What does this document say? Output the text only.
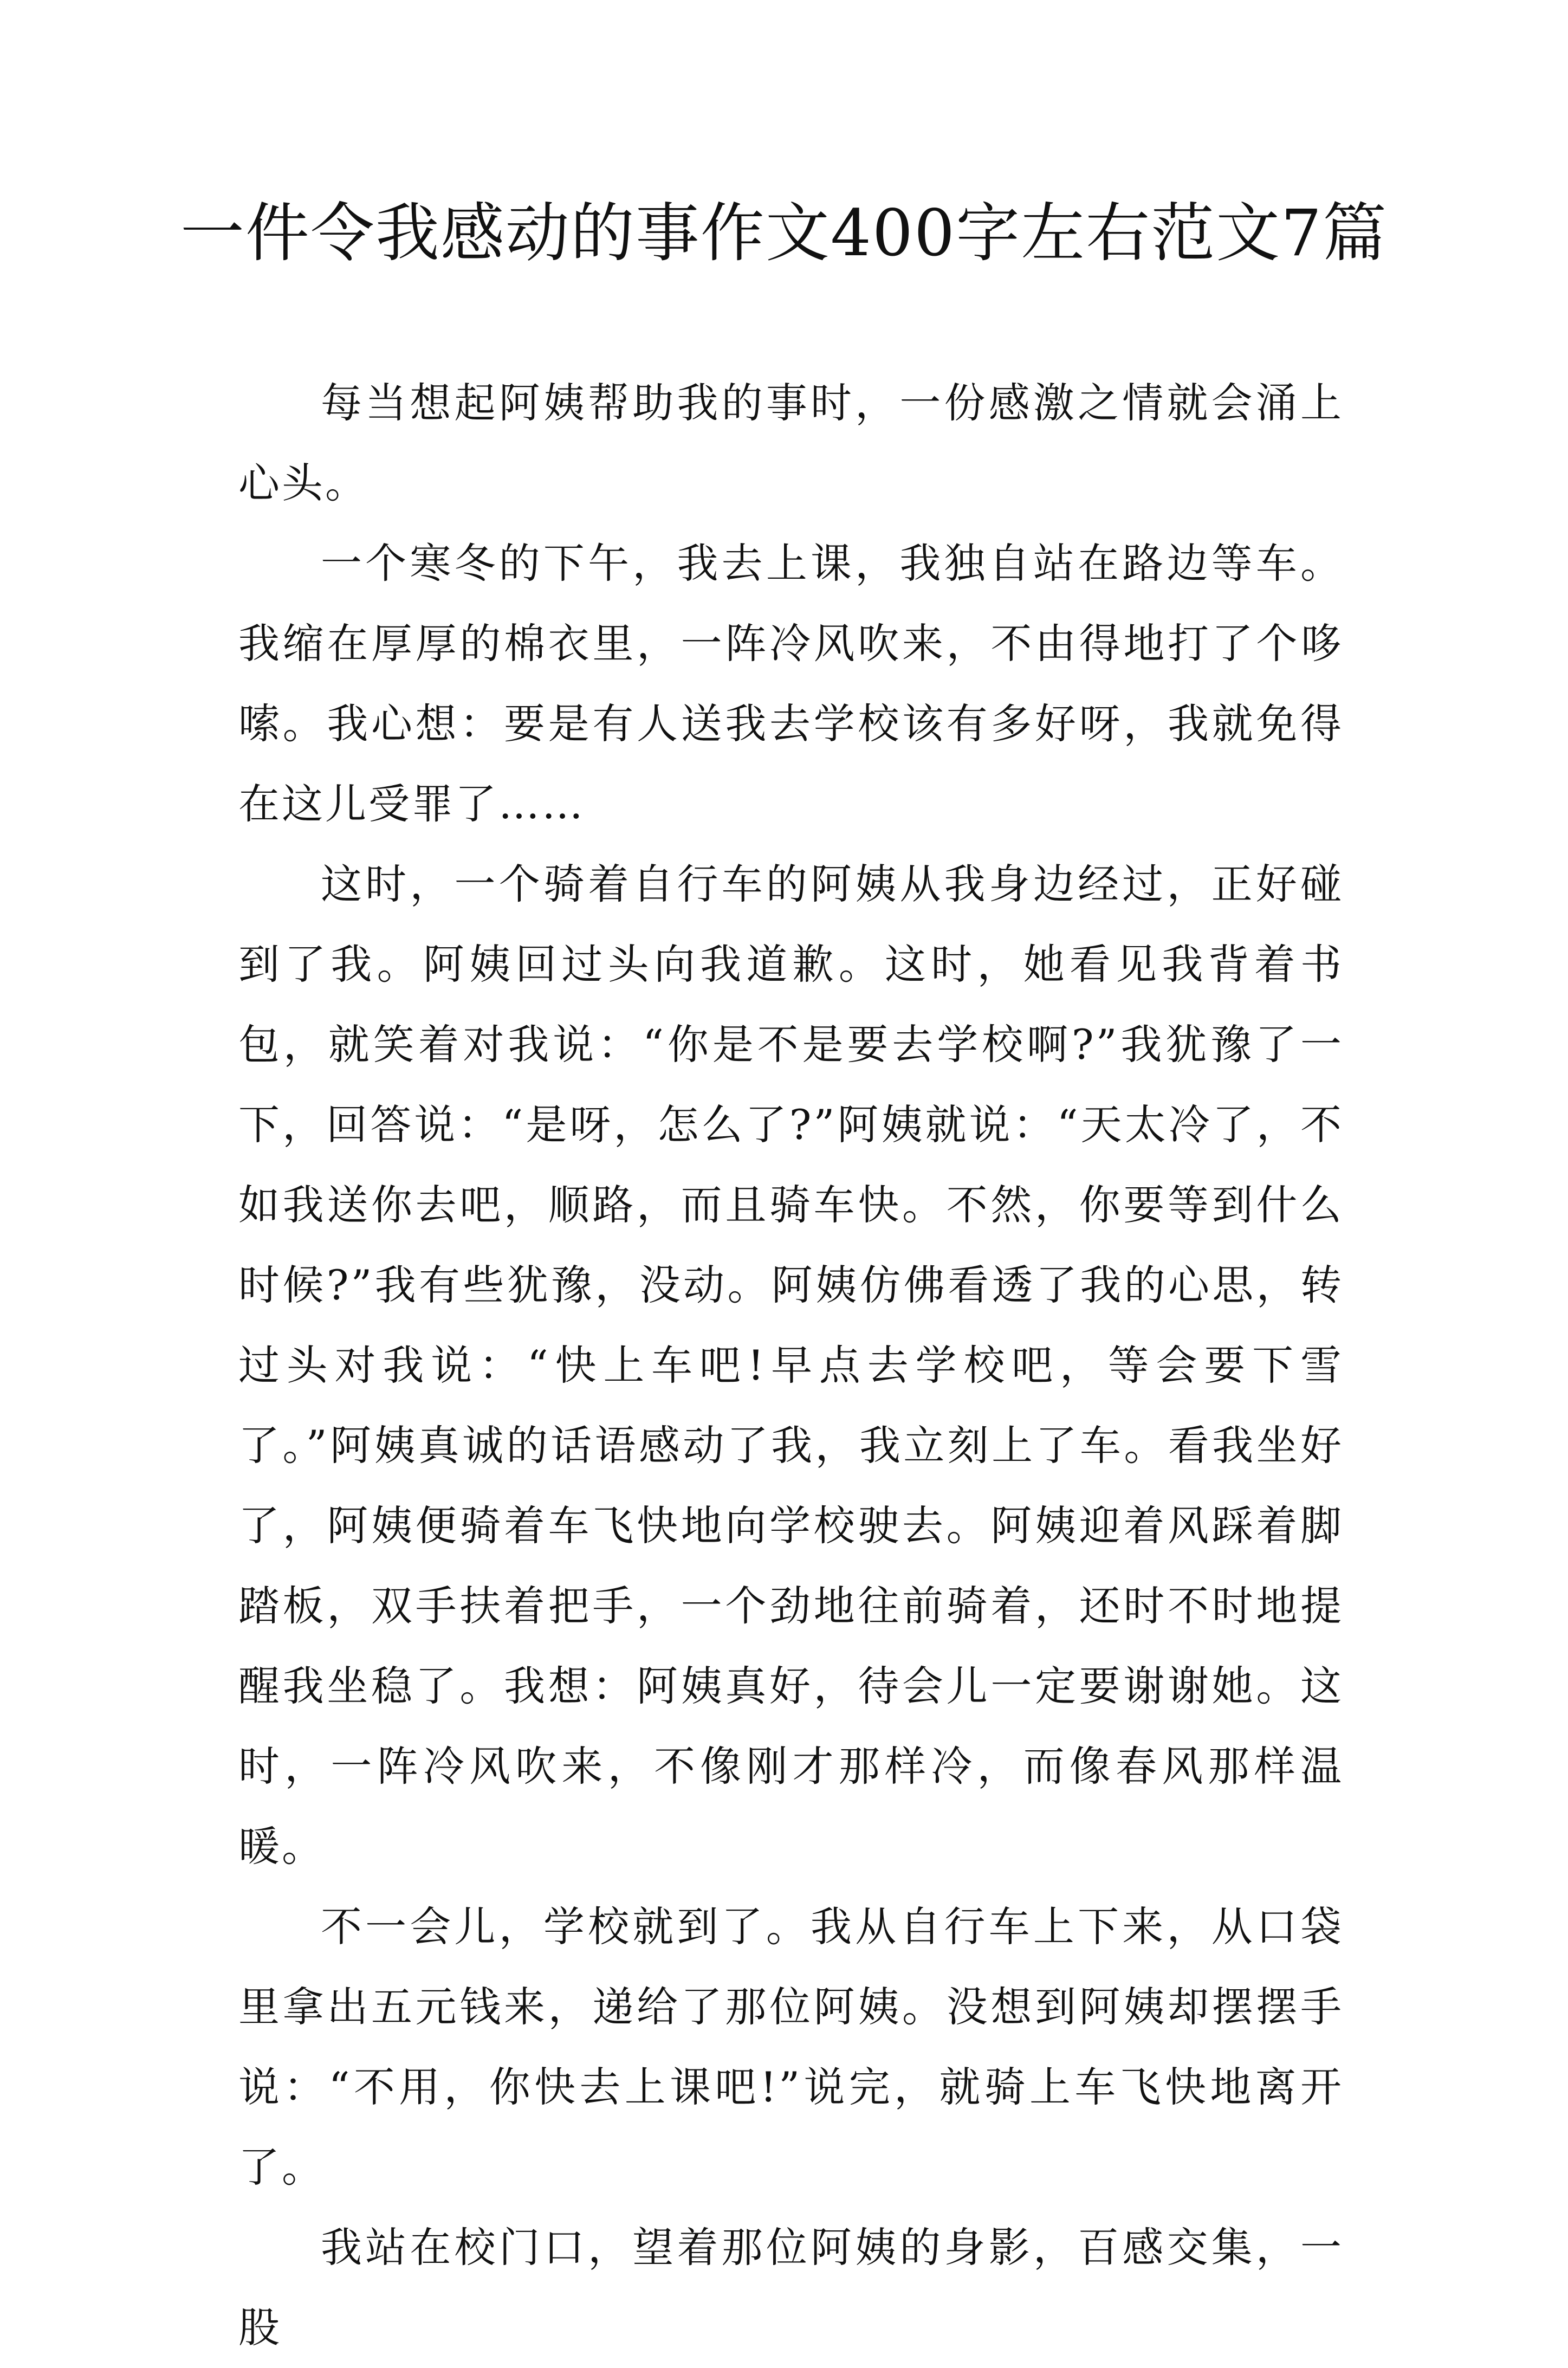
一件令我感动的事作文400字左右范文7篇

每当想起阿姨帮助我的事时，一份感激之情就会涌上心头。

一个寒冬的下午，我去上课，我独自站在路边等车。我缩在厚厚的棉衣里，一阵冷风吹来，不由得地打了个哆嗦。我心想：要是有人送我去学校该有多好呀，我就免得在这儿受罪了……

这时，一个骑着自行车的阿姨从我身边经过，正好碰到了我。阿姨回过头向我道歉。这时，她看见我背着书包，就笑着对我说：“你是不是要去学校啊?”我犹豫了一下，回答说：“是呀，怎么了?”阿姨就说：“天太冷了，不如我送你去吧，顺路，而且骑车快。不然，你要等到什么时候?”我有些犹豫，没动。阿姨仿佛看透了我的心思，转过头对我说：“快上车吧!早点去学校吧，等会要下雪了。”阿姨真诚的话语感动了我，我立刻上了车。看我坐好了，阿姨便骑着车飞快地向学校驶去。阿姨迎着风踩着脚踏板，双手扶着把手，一个劲地往前骑着，还时不时地提醒我坐稳了。我想：阿姨真好，待会儿一定要谢谢她。这时，一阵冷风吹来，不像刚才那样冷，而像春风那样温暖。

不一会儿，学校就到了。我从自行车上下来，从口袋里拿出五元钱来，递给了那位阿姨。没想到阿姨却摆摆手说：“不用，你快去上课吧!”说完，就骑上车飞快地离开了。

我站在校门口，望着那位阿姨的身影，百感交集，一股
